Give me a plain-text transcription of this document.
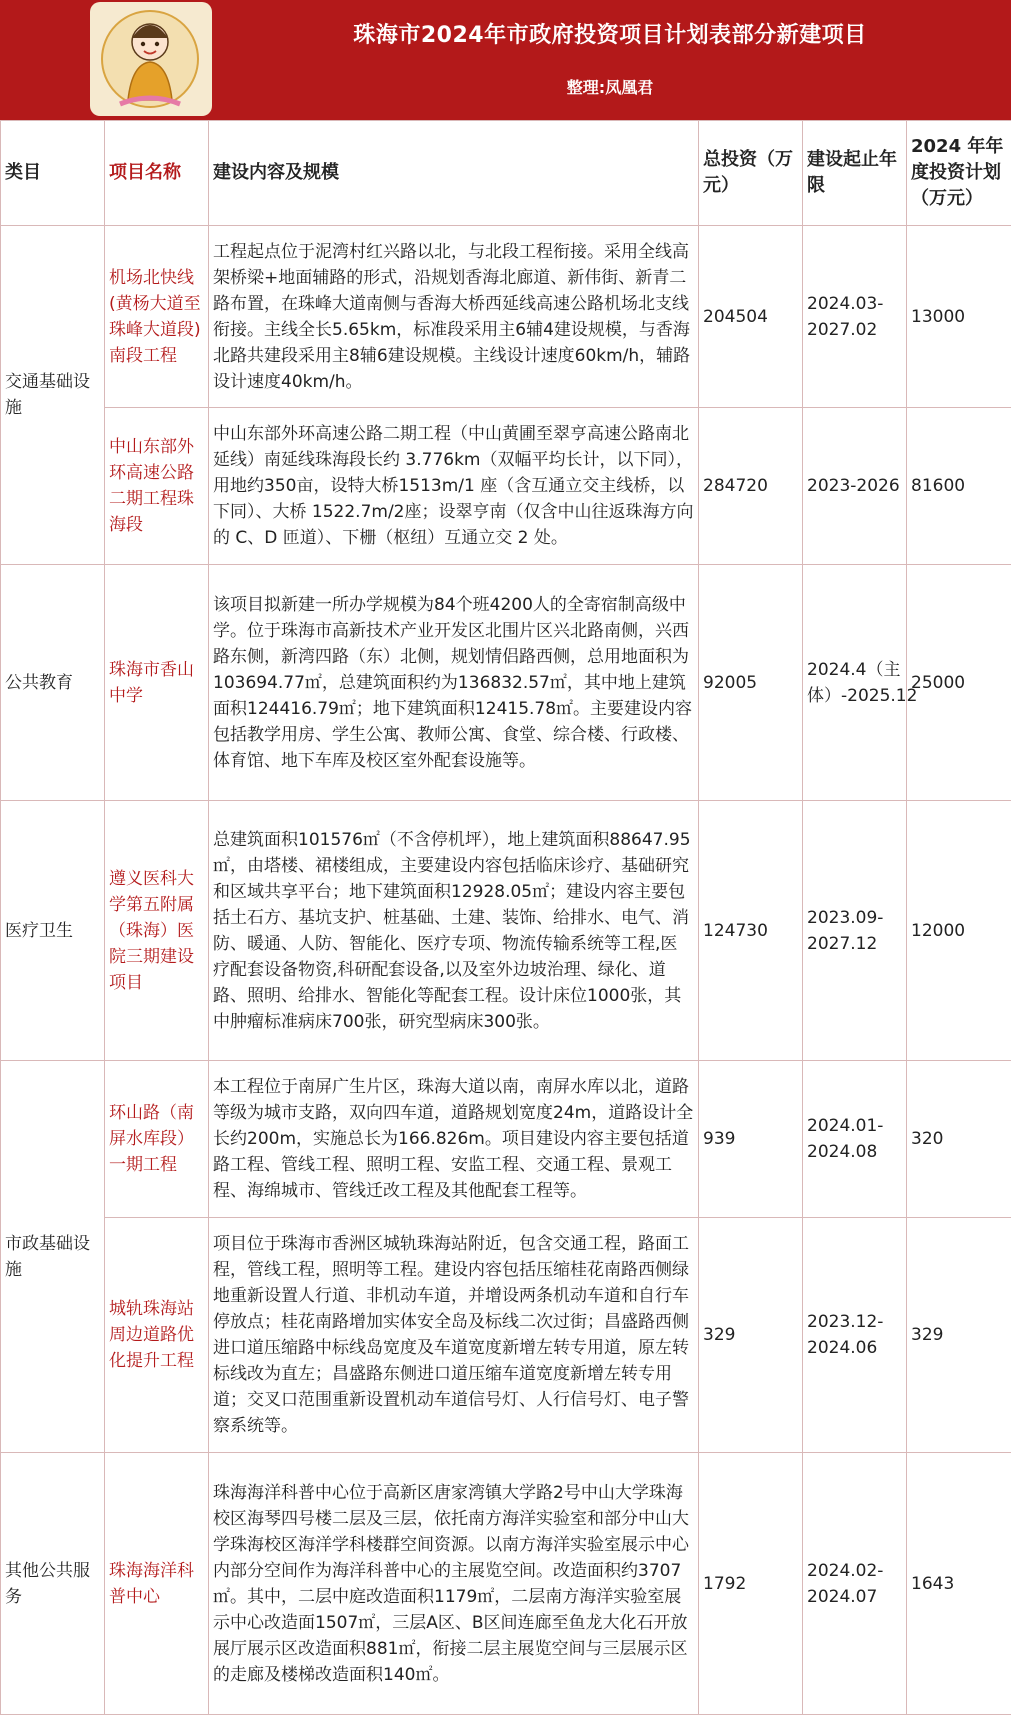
珠海市2024年市政府投资项目计划表部分新建项目
整理:凤凰君
类目	项目名称	建设内容及规模	总投资（万元）	建设起止年限	2024 年年度投资计划（万元）
交通基础设施	机场北快线(黄杨大道至珠峰大道段)南段工程	工程起点位于泥湾村红兴路以北，与北段工程衔接。采用全线高架桥梁+地面辅路的形式，沿规划香海北廊道、新伟街、新青二路布置，在珠峰大道南侧与香海大桥西延线高速公路机场北支线衔接。主线全长5.65km，标准段采用主6辅4建设规模，与香海北路共建段采用主8辅6建设规模。主线设计速度60km/h，辅路设计速度40km/h。	204504	2024.03-2027.02	13000
	中山东部外环高速公路二期工程珠海段	中山东部外环高速公路二期工程（中山黄圃至翠亨高速公路南北延线）南延线珠海段长约 3.776km（双幅平均长计，以下同），用地约350亩，设特大桥1513m/1 座（含互通立交主线桥，以下同）、大桥 1522.7m/2座；设翠亨南（仅含中山往返珠海方向的 C、D 匝道）、下栅（枢纽）互通立交 2 处。	284720	2023-2026	81600
公共教育	珠海市香山中学	该项目拟新建一所办学规模为84个班4200人的全寄宿制高级中学。位于珠海市高新技术产业开发区北围片区兴北路南侧，兴西路东侧，新湾四路（东）北侧，规划情侣路西侧，总用地面积为103694.77㎡，总建筑面积约为136832.57㎡，其中地上建筑面积124416.79㎡；地下建筑面积12415.78㎡。主要建设内容包括教学用房、学生公寓、教师公寓、食堂、综合楼、行政楼、体育馆、地下车库及校区室外配套设施等。	92005	2024.4（主体）-2025.12	25000
医疗卫生	遵义医科大学第五附属（珠海）医院三期建设项目	总建筑面积101576㎡（不含停机坪），地上建筑面积88647.95㎡，由塔楼、裙楼组成，主要建设内容包括临床诊疗、基础研究和区域共享平台；地下建筑面积12928.05㎡；建设内容主要包括土石方、基坑支护、桩基础、土建、装饰、给排水、电气、消防、暖通、人防、智能化、医疗专项、物流传输系统等工程,医疗配套设备物资,科研配套设备,以及室外边坡治理、绿化、道路、照明、给排水、智能化等配套工程。设计床位1000张，其中肿瘤标准病床700张，研究型病床300张。	124730	2023.09-2027.12	12000
市政基础设施	环山路（南屏水库段）一期工程	本工程位于南屏广生片区，珠海大道以南，南屏水库以北，道路等级为城市支路，双向四车道，道路规划宽度24m，道路设计全长约200m，实施总长为166.826m。项目建设内容主要包括道路工程、管线工程、照明工程、安监工程、交通工程、景观工程、海绵城市、管线迁改工程及其他配套工程等。	939	2024.01-2024.08	320
	城轨珠海站周边道路优化提升工程	项目位于珠海市香洲区城轨珠海站附近，包含交通工程，路面工程，管线工程，照明等工程。建设内容包括压缩桂花南路西侧绿地重新设置人行道、非机动车道，并增设两条机动车道和自行车停放点；桂花南路增加实体安全岛及标线二次过街；昌盛路西侧进口道压缩路中标线岛宽度及车道宽度新增左转专用道，原左转标线改为直左；昌盛路东侧进口道压缩车道宽度新增左转专用道；交叉口范围重新设置机动车道信号灯、人行信号灯、电子警察系统等。	329	2023.12-2024.06	329
其他公共服务	珠海海洋科普中心	珠海海洋科普中心位于高新区唐家湾镇大学路2号中山大学珠海校区海琴四号楼二层及三层，依托南方海洋实验室和部分中山大学珠海校区海洋学科楼群空间资源。以南方海洋实验室展示中心内部分空间作为海洋科普中心的主展览空间。改造面积约3707㎡。其中，二层中庭改造面积1179㎡，二层南方海洋实验室展示中心改造面1507㎡，三层A区、B区间连廊至鱼龙大化石开放展厅展示区改造面积881㎡，衔接二层主展览空间与三层展示区的走廊及楼梯改造面积140㎡。	1792	2024.02-2024.07	1643
